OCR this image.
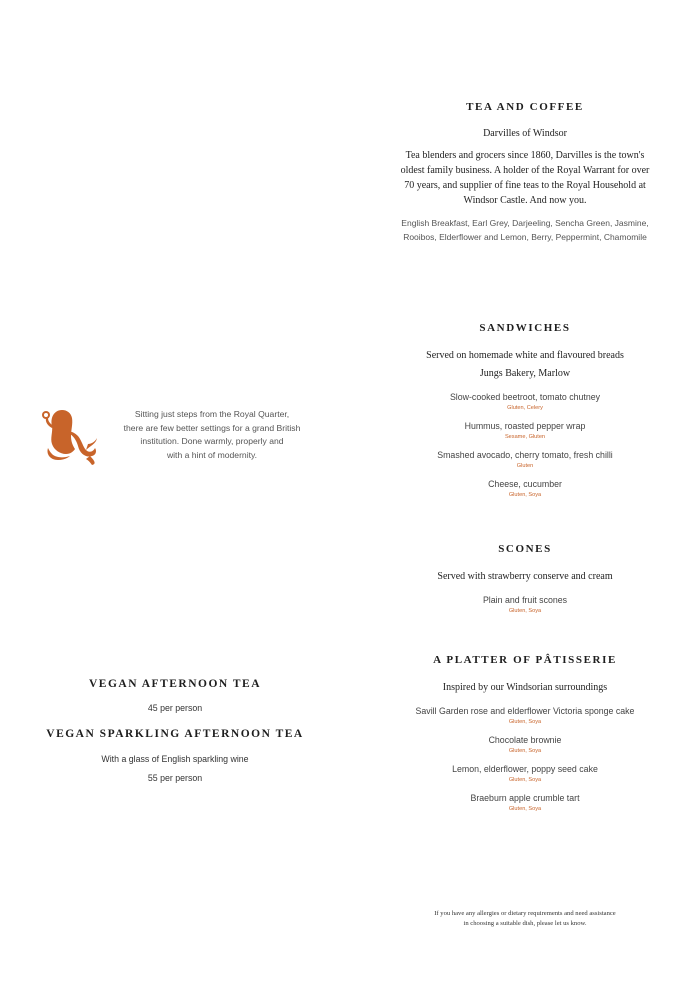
TEA AND COFFEE
Darvilles of Windsor
Tea blenders and grocers since 1860, Darvilles is the town's
oldest family business. A holder of the Royal Warrant for over
70 years, and supplier of fine teas to the Royal Household at
Windsor Castle. And now you.
English Breakfast, Earl Grey, Darjeeling, Sencha Green, Jasmine,
Rooibos, Elderflower and Lemon, Berry, Peppermint, Chamomile
Sitting just steps from the Royal Quarter,
there are few better settings for a grand British
institution. Done warmly, properly and
with a hint of modernity.
SANDWICHES
Served on homemade white and flavoured breads
Jungs Bakery, Marlow
Slow-cooked beetroot, tomato chutney
Gluten, Celery
Hummus, roasted pepper wrap
Sesame, Gluten
Smashed avocado, cherry tomato, fresh chilli
Gluten
Cheese, cucumber
Gluten, Soya
SCONES
Served with strawberry conserve and cream
Plain and fruit scones
Gluten, Soya
A PLATTER OF PÂTISSERIE
Inspired by our Windsorian surroundings
Savill Garden rose and elderflower Victoria sponge cake
Gluten, Soya
Chocolate brownie
Gluten, Soya
Lemon, elderflower, poppy seed cake
Gluten, Soya
Braeburn apple crumble tart
Gluten, Soya
VEGAN AFTERNOON TEA
45 per person
VEGAN SPARKLING AFTERNOON TEA
With a glass of English sparkling wine
55 per person
If you have any allergies or dietary requirements and need assistance
in choosing a suitable dish, please let us know.
